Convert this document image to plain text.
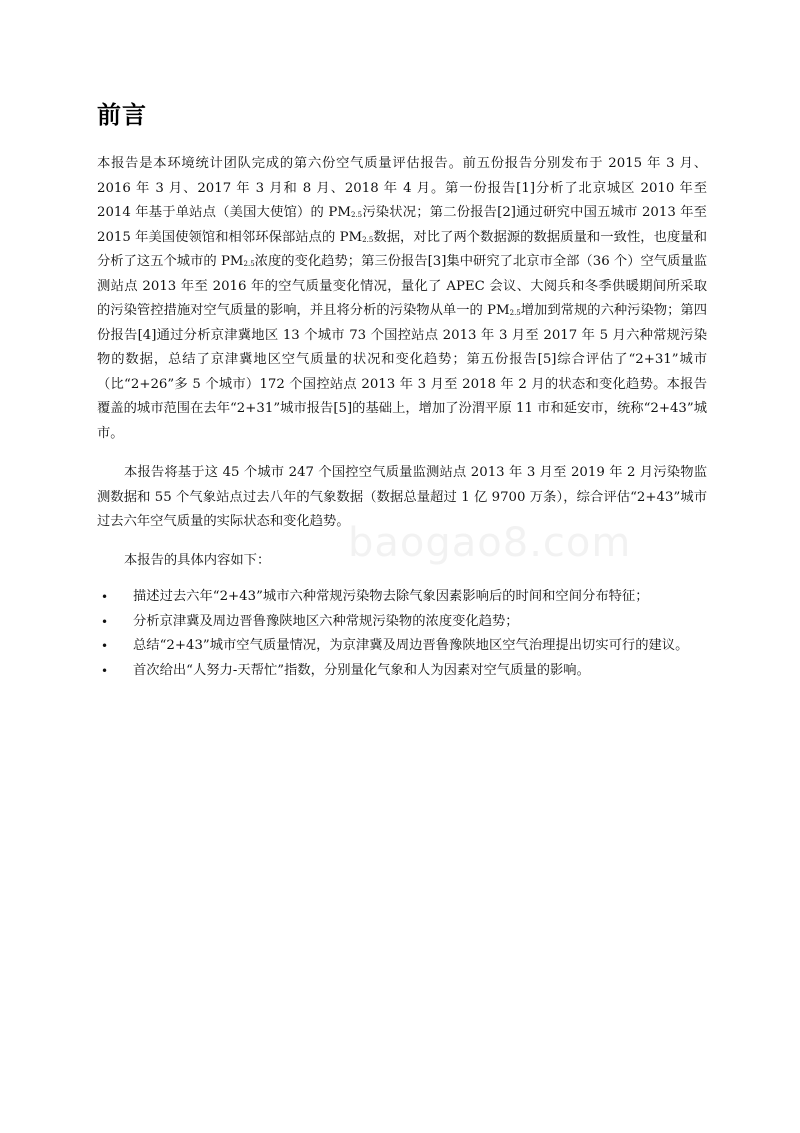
baogao8.com
前言

本报告是本环境统计团队完成的第六份空气质量评估报告。前五份报告分别发布于 2015 年 3 月、2016 年 3 月、2017 年 3 月和 8 月、2018 年 4 月。第一份报告[1]分析了北京城区 2010 年至 2014 年基于单站点（美国大使馆）的 $PM_{2.5}$污染状况；第二份报告[2]通过研究中国五城市 2013 年至 2015 年美国使领馆和相邻环保部站点的 $PM_{2.5}$数据，对比了两个数据源的数据质量和一致性，也度量和分析了这五个城市的 $PM_{2.5}$浓度的变化趋势；第三份报告[3]集中研究了北京市全部（36 个）空气质量监测站点 2013 年至 2016 年的空气质量变化情况，量化了 APEC 会议、大阅兵和冬季供暖期间所采取的污染管控措施对空气质量的影响，并且将分析的污染物从单一的 $PM_{2.5}$增加到常规的六种污染物；第四份报告[4]通过分析京津冀地区 13 个城市 73 个国控站点 2013 年 3 月至 2017 年 5 月六种常规污染物的数据，总结了京津冀地区空气质量的状况和变化趋势；第五份报告[5]综合评估了“2+31”城市（比“2+26”多 5 个城市）172 个国控站点 2013 年 3 月至 2018 年 2 月的状态和变化趋势。本报告覆盖的城市范围在去年“2+31”城市报告[5]的基础上，增加了汾渭平原 11 市和延安市，统称“2+43”城市。

本报告将基于这 45 个城市 247 个国控空气质量监测站点 2013 年 3 月至 2019 年 2 月污染物监测数据和 55 个气象站点过去八年的气象数据（数据总量超过 1 亿 9700 万条），综合评估“2+43”城市过去六年空气质量的实际状态和变化趋势。

本报告的具体内容如下：

• 描述过去六年“2+43”城市六种常规污染物去除气象因素影响后的时间和空间分布特征；
• 分析京津冀及周边晋鲁豫陕地区六种常规污染物的浓度变化趋势；
• 总结“2+43”城市空气质量情况，为京津冀及周边晋鲁豫陕地区空气治理提出切实可行的建议。
• 首次给出“人努力-天帮忙”指数，分别量化气象和人为因素对空气质量的影响。
